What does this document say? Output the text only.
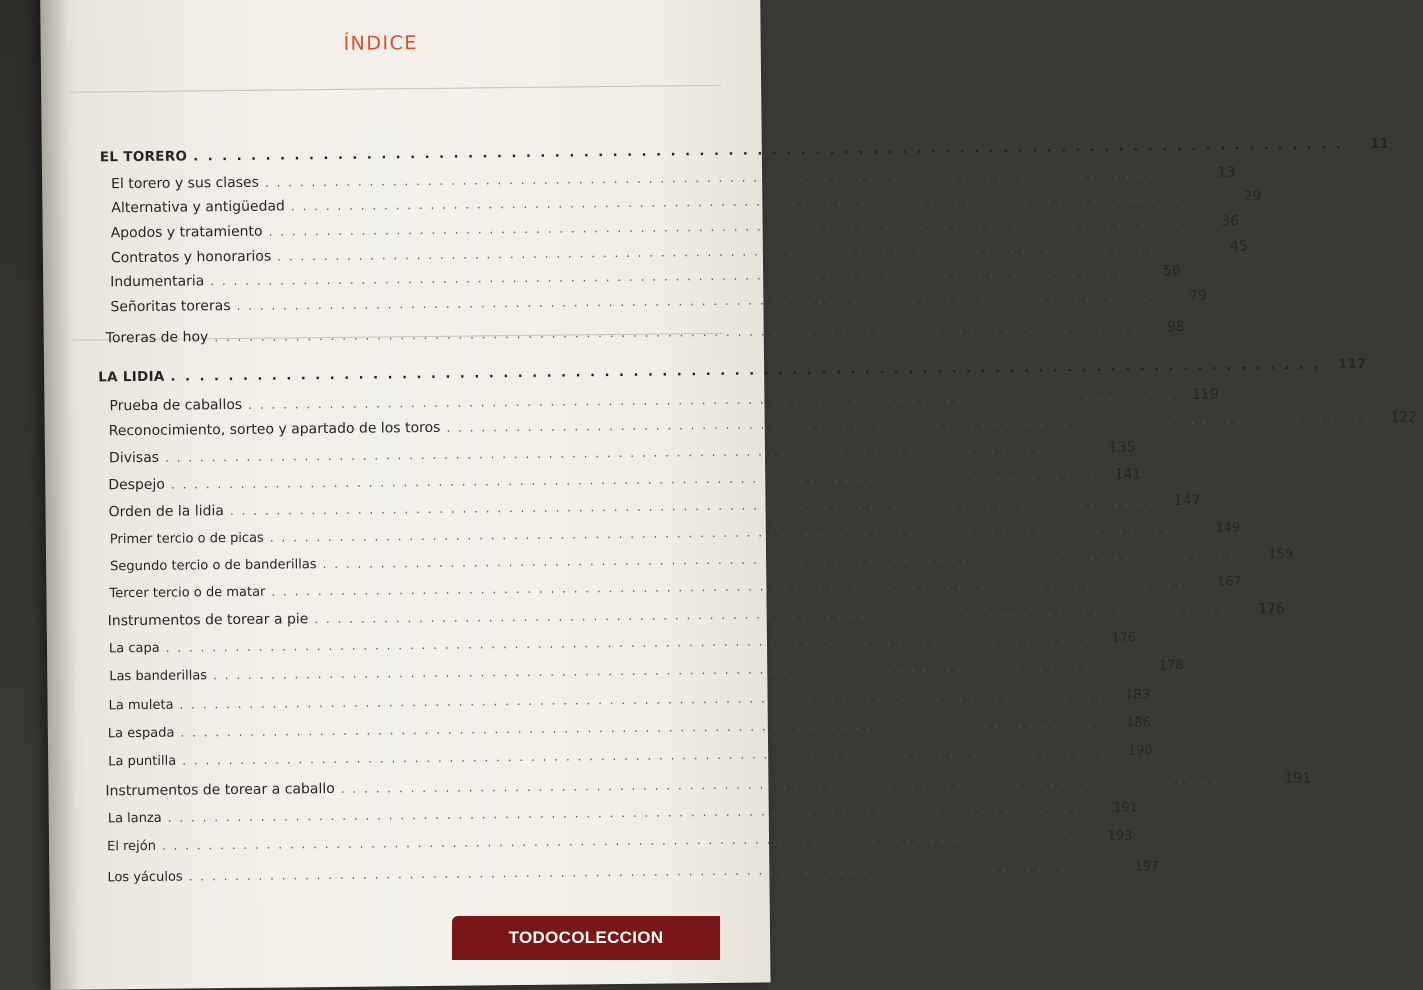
ÍNDICE
EL TORERO . . . . . . . . . . . . . . . . . . . . . . . . . . . . . . . . . . . . . . . . . . . . . . . . . . . . . . . . . . . . . . . . . . . . . . . . . . . . . . . .	11
El torero y sus clases . . . . . . . . . . . . . . . . . . . . . . . . . . . . . . . . . . . . . . . . . . . . . . . . . . . . . . . . . . . . . . . . . . . . . . . . . . . . . . . .	13
Alternativa y antigüedad . . . . . . . . . . . . . . . . . . . . . . . . . . . . . . . . . . . . . . . . . . . . . . . . . . . . . . . . . . . . . . . . . . . . . . . . . . . . . . . .	29
Apodos y tratamiento . . . . . . . . . . . . . . . . . . . . . . . . . . . . . . . . . . . . . . . . . . . . . . . . . . . . . . . . . . . . . . . . . . . . . . . . . . . . . . . .	36
Contratos y honorarios . . . . . . . . . . . . . . . . . . . . . . . . . . . . . . . . . . . . . . . . . . . . . . . . . . . . . . . . . . . . . . . . . . . . . . . . . . . . . . . .	45
Indumentaria . . . . . . . . . . . . . . . . . . . . . . . . . . . . . . . . . . . . . . . . . . . . . . . . . . . . . . . . . . . . . . . . . . . . . . . . . . . . . . . .	56
Señoritas toreras . . . . . . . . . . . . . . . . . . . . . . . . . . . . . . . . . . . . . . . . . . . . . . . . . . . . . . . . . . . . . . . . . . . . . . . . . . . . . . . .	79
Toreras de hoy . . . . . . . . . . . . . . . . . . . . . . . . . . . . . . . . . . . . . . . . . . . . . . . . . . . . . . . . . . . . . . . . . . . . . . . . . . . . . . . .	98
LA LIDIA . . . . . . . . . . . . . . . . . . . . . . . . . . . . . . . . . . . . . . . . . . . . . . . . . . . . . . . . . . . . . . . . . . . . . . . . . . . . . . . .	117
Prueba de caballos . . . . . . . . . . . . . . . . . . . . . . . . . . . . . . . . . . . . . . . . . . . . . . . . . . . . . . . . . . . . . . . . . . . . . . . . . . . . . . . .	119
Reconocimiento, sorteo y apartado de los toros . . . . . . . . . . . . . . . . . . . . . . . . . . . . . . . . . . . . . . . . . . . . . . . . . . . . . . . . . . . . . . . . . . . . . . . . . . . . . . . .	122
Divisas . . . . . . . . . . . . . . . . . . . . . . . . . . . . . . . . . . . . . . . . . . . . . . . . . . . . . . . . . . . . . . . . . . . . . . . . . . . . . . . .	135
Despejo . . . . . . . . . . . . . . . . . . . . . . . . . . . . . . . . . . . . . . . . . . . . . . . . . . . . . . . . . . . . . . . . . . . . . . . . . . . . . . . .	141
Orden de la lidia . . . . . . . . . . . . . . . . . . . . . . . . . . . . . . . . . . . . . . . . . . . . . . . . . . . . . . . . . . . . . . . . . . . . . . . . . . . . . . . .	147
Primer tercio o de picas . . . . . . . . . . . . . . . . . . . . . . . . . . . . . . . . . . . . . . . . . . . . . . . . . . . . . . . . . . . . . . . . . . . . . . . . . . . . . . . .	149
Segundo tercio o de banderillas . . . . . . . . . . . . . . . . . . . . . . . . . . . . . . . . . . . . . . . . . . . . . . . . . . . . . . . . . . . . . . . . . . . . . . . . . . . . . . . .	159
Tercer tercio o de matar . . . . . . . . . . . . . . . . . . . . . . . . . . . . . . . . . . . . . . . . . . . . . . . . . . . . . . . . . . . . . . . . . . . . . . . . . . . . . . . .	167
Instrumentos de torear a pie . . . . . . . . . . . . . . . . . . . . . . . . . . . . . . . . . . . . . . . . . . . . . . . . . . . . . . . . . . . . . . . . . . . . . . . . . . . . . . . .	176
La capa . . . . . . . . . . . . . . . . . . . . . . . . . . . . . . . . . . . . . . . . . . . . . . . . . . . . . . . . . . . . . . . . . . . . . . . . . . . . . . . .	176
Las banderillas . . . . . . . . . . . . . . . . . . . . . . . . . . . . . . . . . . . . . . . . . . . . . . . . . . . . . . . . . . . . . . . . . . . . . . . . . . . . . . . .	178
La muleta . . . . . . . . . . . . . . . . . . . . . . . . . . . . . . . . . . . . . . . . . . . . . . . . . . . . . . . . . . . . . . . . . . . . . . . . . . . . . . . .	183
La espada . . . . . . . . . . . . . . . . . . . . . . . . . . . . . . . . . . . . . . . . . . . . . . . . . . . . . . . . . . . . . . . . . . . . . . . . . . . . . . . .	186
La puntilla . . . . . . . . . . . . . . . . . . . . . . . . . . . . . . . . . . . . . . . . . . . . . . . . . . . . . . . . . . . . . . . . . . . . . . . . . . . . . . . .	190
Instrumentos de torear a caballo . . . . . . . . . . . . . . . . . . . . . . . . . . . . . . . . . . . . . . . . . . . . . . . . . . . . . . . . . . . . . . . . . . . . . . . . . . . . . . . .	191
La lanza . . . . . . . . . . . . . . . . . . . . . . . . . . . . . . . . . . . . . . . . . . . . . . . . . . . . . . . . . . . . . . . . . . . . . . . . . . . . . . . .	191
El rejón . . . . . . . . . . . . . . . . . . . . . . . . . . . . . . . . . . . . . . . . . . . . . . . . . . . . . . . . . . . . . . . . . . . . . . . . . . . . . . . .	193
Los yáculos . . . . . . . . . . . . . . . . . . . . . . . . . . . . . . . . . . . . . . . . . . . . . . . . . . . . . . . . . . . . . . . . . . . . . . . . . . . . . . . .	197
TODOCOLECCION
